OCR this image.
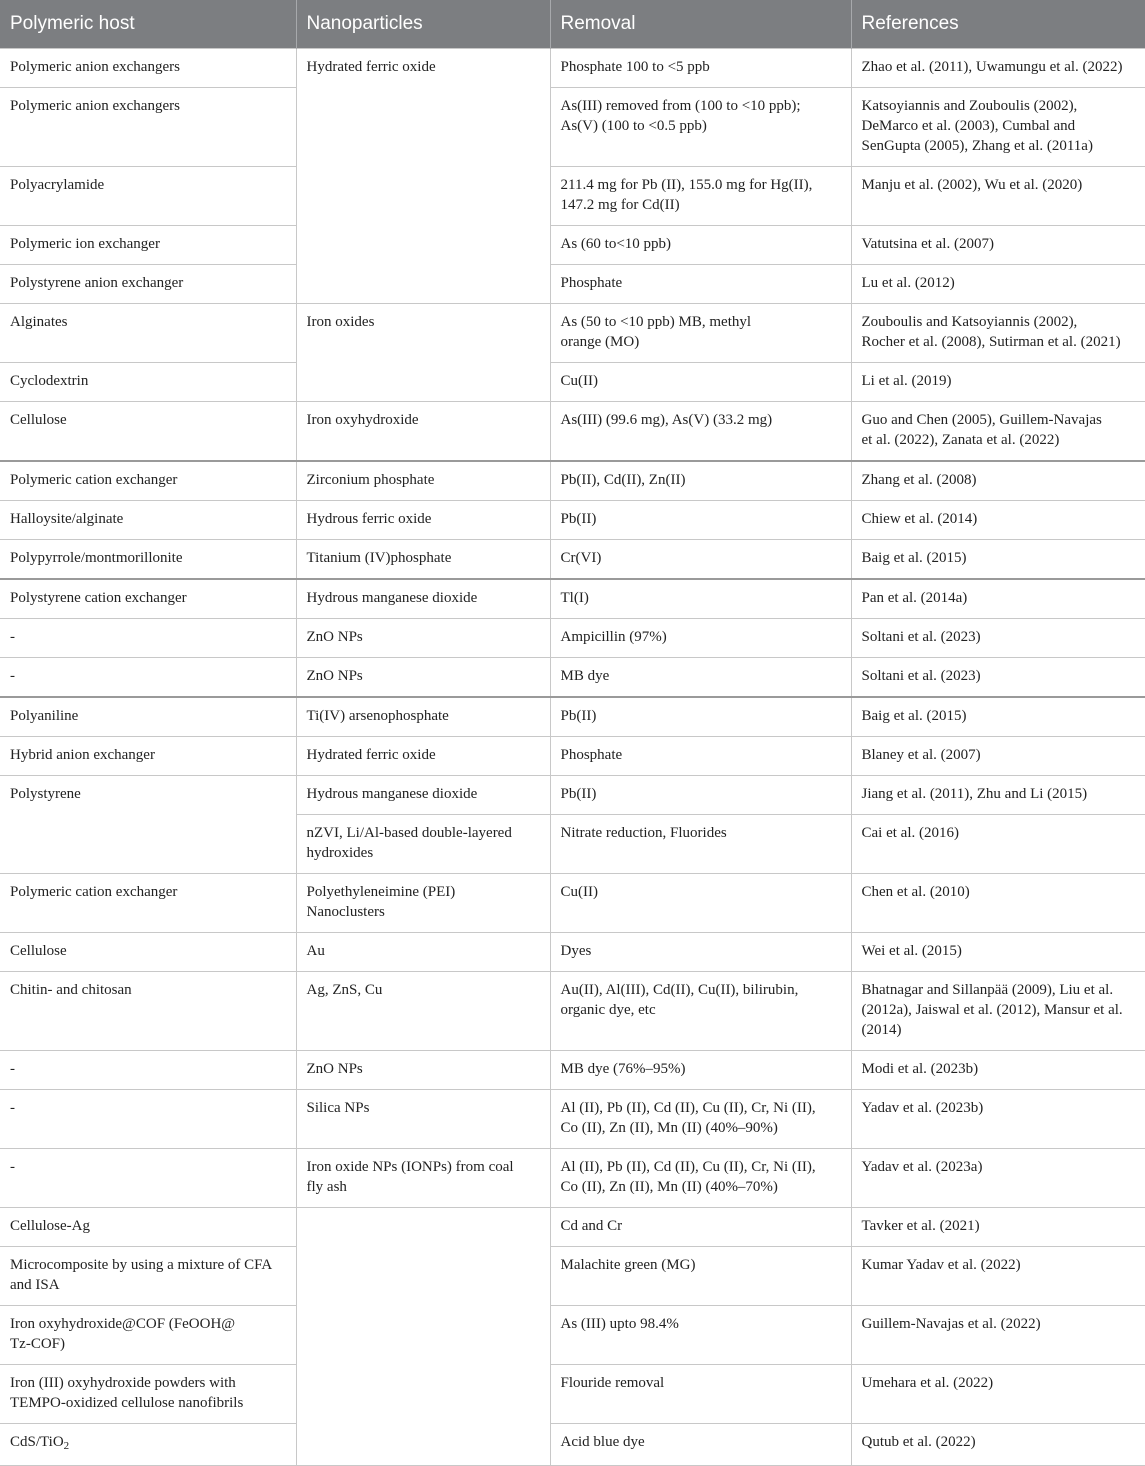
Polymeric host	Nanoparticles	Removal	References

Polymeric anion exchangers	Hydrated ferric oxide	Phosphate 100 to <5 ppb	Zhao et al. (2011), Uwamungu et al. (2022)

Polymeric anion exchangers		As(III) removed from (100 to <10 ppb);
As(V) (100 to <0.5 ppb)	Katsoyiannis and Zouboulis (2002),
DeMarco et al. (2003), Cumbal and
SenGupta (2005), Zhang et al. (2011a)

Polyacrylamide		211.4 mg for Pb (II), 155.0 mg for Hg(II),
147.2 mg for Cd(II)	Manju et al. (2002), Wu et al. (2020)

Polymeric ion exchanger		As (60 to<10 ppb)	Vatutsina et al. (2007)

Polystyrene anion exchanger		Phosphate	Lu et al. (2012)

Alginates	Iron oxides	As (50 to <10 ppb) MB, methyl
orange (MO)	Zouboulis and Katsoyiannis (2002),
Rocher et al. (2008), Sutirman et al. (2021)

Cyclodextrin		Cu(II)	Li et al. (2019)

Cellulose	Iron oxyhydroxide	As(III) (99.6 mg), As(V) (33.2 mg)	Guo and Chen (2005), Guillem-Navajas
et al. (2022), Zanata et al. (2022)

Polymeric cation exchanger	Zirconium phosphate	Pb(II), Cd(II), Zn(II)	Zhang et al. (2008)

Halloysite/alginate	Hydrous ferric oxide	Pb(II)	Chiew et al. (2014)

Polypyrrole/montmorillonite	Titanium (IV)phosphate	Cr(VI)	Baig et al. (2015)

Polystyrene cation exchanger	Hydrous manganese dioxide	Tl(I)	Pan et al. (2014a)

-	ZnO NPs	Ampicillin (97%)	Soltani et al. (2023)

-	ZnO NPs	MB dye	Soltani et al. (2023)

Polyaniline	Ti(IV) arsenophosphate	Pb(II)	Baig et al. (2015)

Hybrid anion exchanger	Hydrated ferric oxide	Phosphate	Blaney et al. (2007)

Polystyrene	Hydrous manganese dioxide	Pb(II)	Jiang et al. (2011), Zhu and Li (2015)

	nZVI, Li/Al-based double-layered
hydroxides	Nitrate reduction, Fluorides	Cai et al. (2016)

Polymeric cation exchanger	Polyethyleneimine (PEI)
Nanoclusters	Cu(II)	Chen et al. (2010)

Cellulose	Au	Dyes	Wei et al. (2015)

Chitin- and chitosan	Ag, ZnS, Cu	Au(II), Al(III), Cd(II), Cu(II), bilirubin,
organic dye, etc	Bhatnagar and Sillanpää (2009), Liu et al.
(2012a), Jaiswal et al. (2012), Mansur et al.
(2014)

-	ZnO NPs	MB dye (76%–95%)	Modi et al. (2023b)

-	Silica NPs	Al (II), Pb (II), Cd (II), Cu (II), Cr, Ni (II),
Co (II), Zn (II), Mn (II) (40%–90%)	Yadav et al. (2023b)

-	Iron oxide NPs (IONPs) from coal
fly ash	Al (II), Pb (II), Cd (II), Cu (II), Cr, Ni (II),
Co (II), Zn (II), Mn (II) (40%–70%)	Yadav et al. (2023a)

Cellulose-Ag		Cd and Cr	Tavker et al. (2021)

Microcomposite by using a mixture of CFA
and ISA		Malachite green (MG)	Kumar Yadav et al. (2022)

Iron oxyhydroxide@COF (FeOOH@
Tz-COF)		As (III) upto 98.4%	Guillem-Navajas et al. (2022)

Iron (III) oxyhydroxide powders with
TEMPO-oxidized cellulose nanofibrils		Flouride removal	Umehara et al. (2022)

CdS/TiO$_2$		Acid blue dye	Qutub et al. (2022)
